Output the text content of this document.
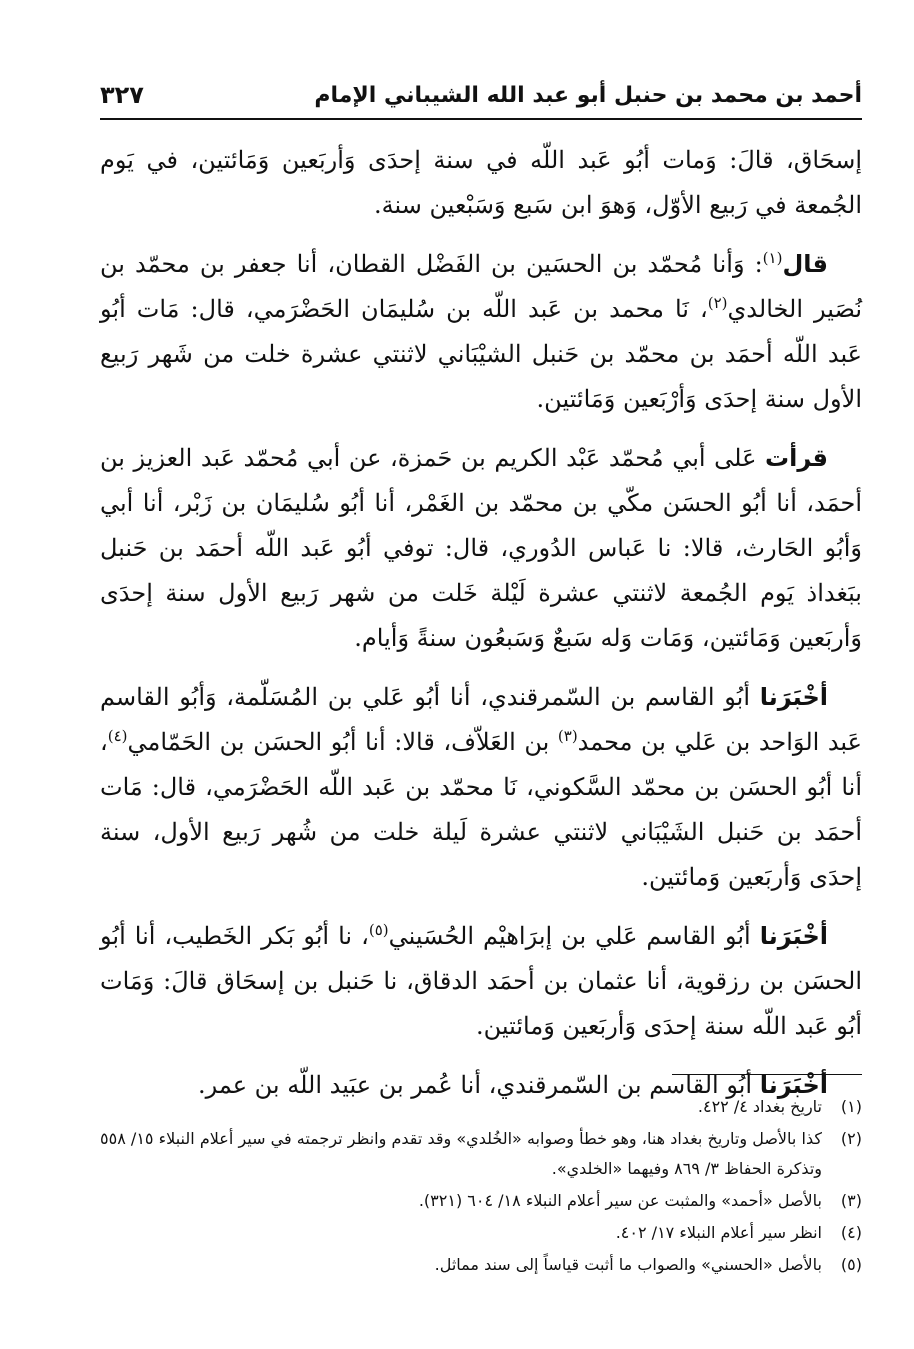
أحمد بن محمد بن حنبل أبو عبد الله الشيباني الإمام
٣٢٧

إسحَاق، قالَ: وَمات أبُو عَبد اللّه في سنة إحدَى وَأربَعين وَمَائتين، في يَوم الجُمعة في رَبيع الأوّل، وَهوَ ابن سَبع وَسَبْعين سنة.

قال$^{(١)}$: وَأنا مُحمّد بن الحسَين بن الفَضْل القطان، أنا جعفر بن محمّد بن نُصَير الخالدي$^{(٢)}$، نَا محمد بن عَبد اللّه بن سُليمَان الحَضْرَمي، قال: مَات أبُو عَبد اللّه أحمَد بن محمّد بن حَنبل الشيْبَاني لاثنتي عشرة خلت من شَهر رَبيع الأول سنة إحدَى وَأرْبَعين وَمَائتين.

قرأت عَلى أبي مُحمّد عَبْد الكريم بن حَمزة، عن أبي مُحمّد عَبد العزيز بن أحمَد، أنا أبُو الحسَن مكّي بن محمّد بن الغَمْر، أنا أبُو سُليمَان بن زَبْر، أنا أبي وَأبُو الحَارث، قالا: نا عَباس الدُوري، قال: توفي أبُو عَبد اللّه أحمَد بن حَنبل ببَغداذ يَوم الجُمعة لاثنتي عشرة لَيْلة خَلت من شهر رَبيع الأول سنة إحدَى وَأربَعين وَمَائتين، وَمَات وَله سَبعٌ وَسَبعُون سنةً وَأيام.

أخْبَرَنا أبُو القاسم بن السّمرقندي، أنا أبُو عَلي بن المُسَلّمة، وَأبُو القاسم عَبد الوَاحد بن عَلي بن محمد$^{(٣)}$ بن العَلاّف، قالا: أنا أبُو الحسَن بن الحَمّامي$^{(٤)}$، أنا أبُو الحسَن بن محمّد السَّكوني، نَا محمّد بن عَبد اللّه الحَضْرَمي، قال: مَات أحمَد بن حَنبل الشَيْبَاني لاثنتي عشرة لَيلة خلت من شُهر رَبيع الأول، سنة إحدَى وَأربَعين وَمائتين.

أخْبَرَنا أبُو القاسم عَلي بن إبرَاهيْم الحُسَيني$^{(٥)}$، نا أبُو بَكر الخَطيب، أنا أبُو الحسَن بن رزقوية، أنا عثمان بن أحمَد الدقاق، نا حَنبل بن إسحَاق قالَ: وَمَات أبُو عَبد اللّه سنة إحدَى وَأربَعين وَمائتين.

أخْبَرَنا أبُو القاسم بن السّمرقندي، أنا عُمر بن عبَيد اللّه بن عمر.

(١)
تاريخ بغداد ٤/ ٤٢٢.
(٢)
كذا بالأصل وتاريخ بغداد هنا، وهو خطأ وصوابه «الخُلدي» وقد تقدم وانظر ترجمته في سير أعلام النبلاء ١٥/ ٥٥٨ وتذكرة الحفاظ ٣/ ٨٦٩ وفيهما «الخلدي».
(٣)
بالأصل «أحمد» والمثبت عن سير أعلام النبلاء ١٨/ ٦٠٤ (٣٢١).
(٤)
انظر سير أعلام النبلاء ١٧/ ٤٠٢.
(٥)
بالأصل «الحسني» والصواب ما أثبت قياساً إلى سند مماثل.
